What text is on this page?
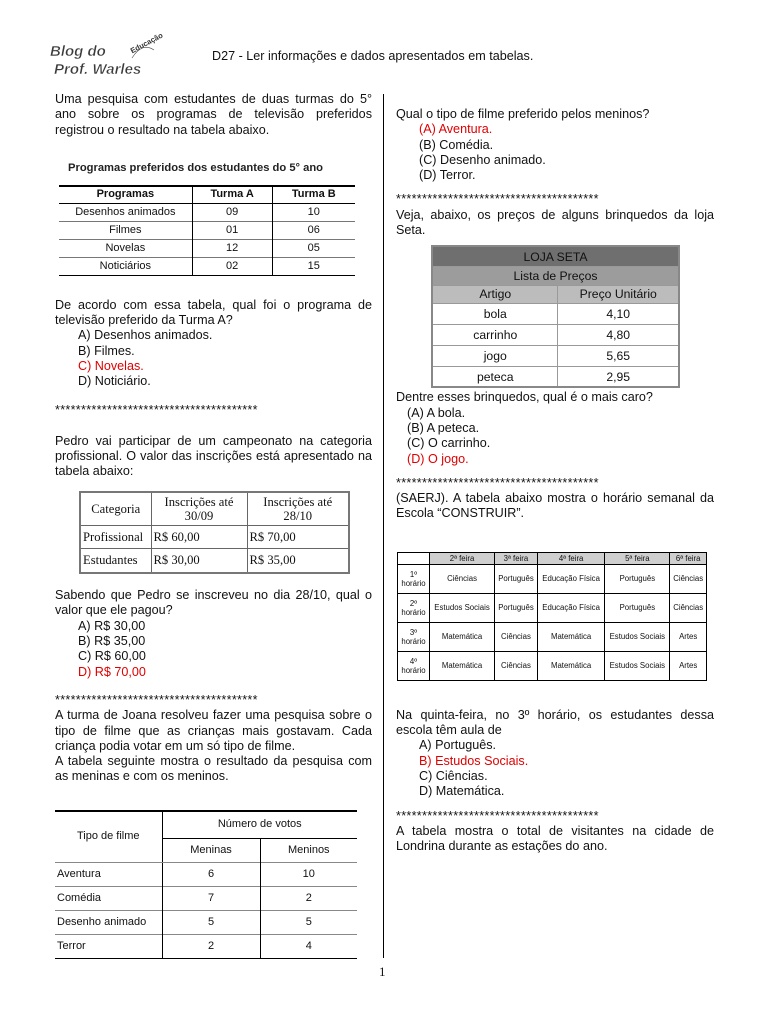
Blog do
Prof. Warles
Educação
D27 - Ler informações e dados apresentados em tabelas.

Uma pesquisa com estudantes de duas turmas do 5° ano sobre os programas de televisão preferidos registrou o resultado na tabela abaixo.

Programas preferidos dos estudantes do 5° ano
Programas	Turma A	Turma B
Desenhos animados	09	10
Filmes	01	06
Novelas	12	05
Noticiários	02	15

De acordo com essa tabela, qual foi o programa de televisão preferido da Turma A?

A) Desenhos animados.
B) Filmes.
C) Novelas.
D) Noticiário.
***************************************

Pedro vai participar de um campeonato na categoria profissional. O valor das inscrições está apresentado na tabela abaixo:

Categoria	Inscrições até 30/09	Inscrições até 28/10
Profissional	R$ 60,00	R$ 70,00
Estudantes	R$ 30,00	R$ 35,00

Sabendo que Pedro se inscreveu no dia 28/10, qual o valor que ele pagou?

A) R$ 30,00
B) R$ 35,00
C) R$ 60,00
D) R$ 70,00
***************************************

A turma de Joana resolveu fazer uma pesquisa sobre o tipo de filme que as crianças mais gostavam. Cada criança podia votar em um só tipo de filme.

A tabela seguinte mostra o resultado da pesquisa com as meninas e com os meninos.

Tipo de filme	Número de votos	
	Meninas	Meninos
Aventura	6	10
Comédia	7	2
Desenho animado	5	5
Terror	2	4

Qual o tipo de filme preferido pelos meninos?

(A) Aventura.
(B) Comédia.
(C) Desenho animado.
(D) Terror.
***************************************

Veja, abaixo, os preços de alguns brinquedos da loja Seta.

LOJA SETA	
Lista de Preços	
Artigo	Preço Unitário
bola	4,10
carrinho	4,80
jogo	5,65
peteca	2,95

Dentre esses brinquedos, qual é o mais caro?

(A) A bola.
(B) A peteca.
(C) O carrinho.
(D) O jogo.
***************************************

(SAERJ). A tabela abaixo mostra o horário semanal da Escola “CONSTRUIR”.

	2ª feira	3ª feira	4ª feira	5ª feira	6ª feira
1º horário	Ciências	Português	Educação Física	Português	Ciências
2º horário	Estudos Sociais	Português	Educação Física	Português	Ciências
3º horário	Matemática	Ciências	Matemática	Estudos Sociais	Artes
4º horário	Matemática	Ciências	Matemática	Estudos Sociais	Artes

Na quinta-feira, no 3º horário, os estudantes dessa escola têm aula de

A) Português.
B) Estudos Sociais.
C) Ciências.
D) Matemática.
***************************************

A tabela mostra o total de visitantes na cidade de Londrina durante as estações do ano.

1
